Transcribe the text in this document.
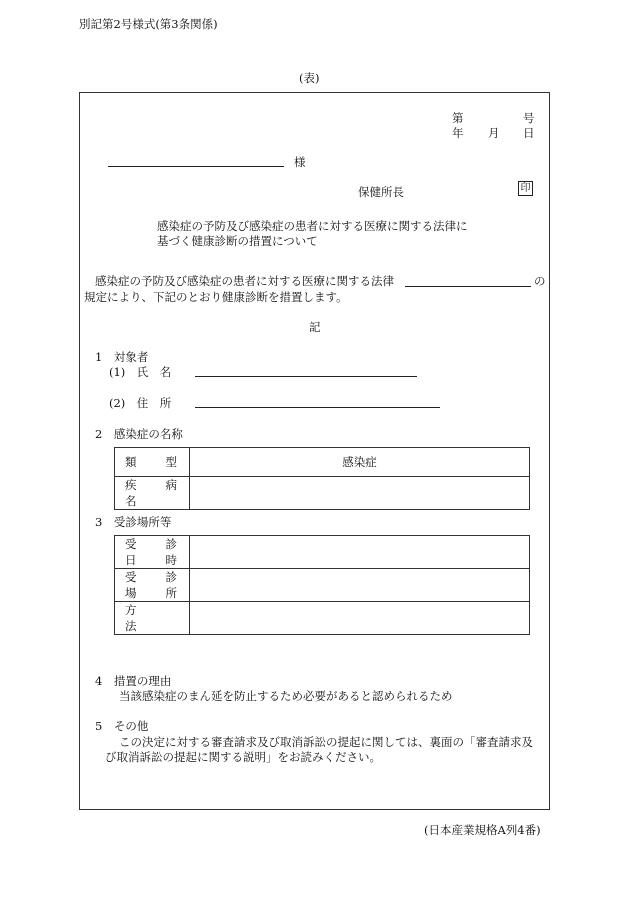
別記第2号様式(第3条関係)
(表)
第	号
年 月 日
様
保健所長	印
感染症の予防及び感染症の患者に対する医療に関する法律に
基づく健康診断の措置について
感染症の予防及び感染症の患者に対する医療に関する法律	の
規定により、下記のとおり健康診断を措置します。
記
1　対象者
(1)　氏　名
(2)　住　所
2　感染症の名称
類　　型	感染症
疾　病　名	
3　受診場所等
受　診　日　時	
受　診　場　所	
方　　　法	
4　措置の理由
当該感染症のまん延を防止するため必要があると認められるため
5　その他
この決定に対する審査請求及び取消訴訟の提起に関しては、裏面の「審査請求及
び取消訴訟の提起に関する説明」をお読みください。
(日本産業規格A列4番)
